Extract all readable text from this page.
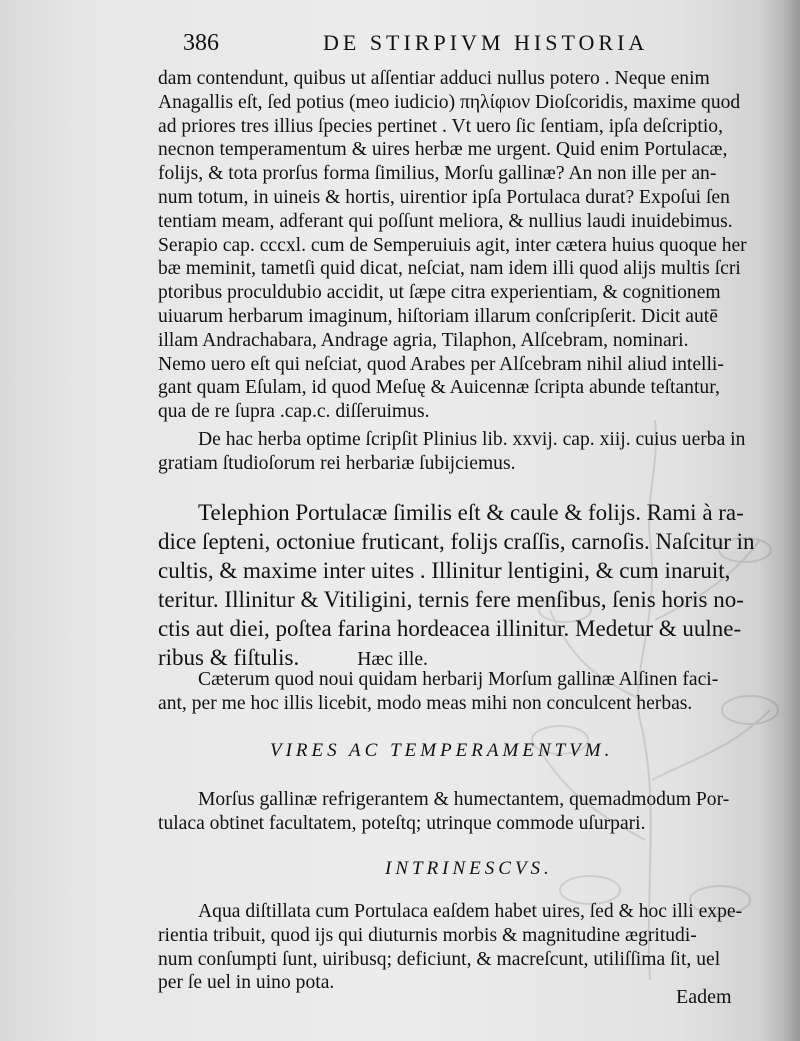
386	DE STIRPIVM HISTORIA
dam contendunt, quibus ut aſſentiar adduci nullus potero . Neque enim
Anagallis eſt, ſed potius (meo iudicio) πηλίφιον Dioſcoridis, maxime quod
ad priores tres illius ſpecies pertinet . Vt uero ſic ſentiam, ipſa deſcriptio,
necnon temperamentum & uires herbæ me urgent. Quid enim Portulacæ,
folijs, & tota prorſus forma ſimilius, Morſu gallinæ? An non ille per an-
num totum, in uineis & hortis, uirentior ipſa Portulaca durat? Expoſui ſen
tentiam meam, adferant qui poſſunt meliora, & nullius laudi inuidebimus.
Serapio cap. cccxl. cum de Semperuiuis agit, inter cætera huius quoque her
bæ meminit, tametſi quid dicat, neſciat, nam idem illi quod alijs multis ſcri
ptoribus proculdubio accidit, ut ſæpe citra experientiam, & cognitionem
uiuarum herbarum imaginum, hiſtoriam illarum conſcripſerit. Dicit autē
illam Andrachabara, Andrage agria, Tilaphon, Alſcebram, nominari.
Nemo uero eſt qui neſciat, quod Arabes per Alſcebram nihil aliud intelli-
gant quam Eſulam, id quod Meſuę & Auicennæ ſcripta abunde teſtantur,
qua de re ſupra .cap.c. diſſeruimus.
De hac herba optime ſcripſit Plinius lib. xxvij. cap. xiij. cuius uerba in
gratiam ſtudioſorum rei herbariæ ſubijciemus.
Telephion Portulacæ ſimilis eſt & caule & folijs. Rami à ra-
dice ſepteni, octoniue fruticant, folijs craſſis, carnoſis. Naſcitur in
cultis, & maxime inter uites . Illinitur lentigini, & cum inaruit,
teritur. Illinitur & Vitiligini, ternis fere menſibus, ſenis horis no-
ctis aut diei, poſtea farina hordeacea illinitur. Medetur & uulne-
ribus & fiſtulis.	Hæc ille.
Cæterum quod noui quidam herbarij Morſum gallinæ Alſinen faci-
ant, per me hoc illis licebit, modo meas mihi non conculcent herbas.
VIRES AC TEMPERAMENTVM.
Morſus gallinæ refrigerantem & humectantem, quemadmodum Por-
tulaca obtinet facultatem, poteſtq; utrinque commode uſurpari.
INTRINESCVS.
Aqua diſtillata cum Portulaca eaſdem habet uires, ſed & hoc illi expe-
rientia tribuit, quod ijs qui diuturnis morbis & magnitudine ægritudi-
num conſumpti ſunt, uiribusq; deficiunt, & macreſcunt, utiliſſima ſit, uel
per ſe uel in uino pota.
Eadem
